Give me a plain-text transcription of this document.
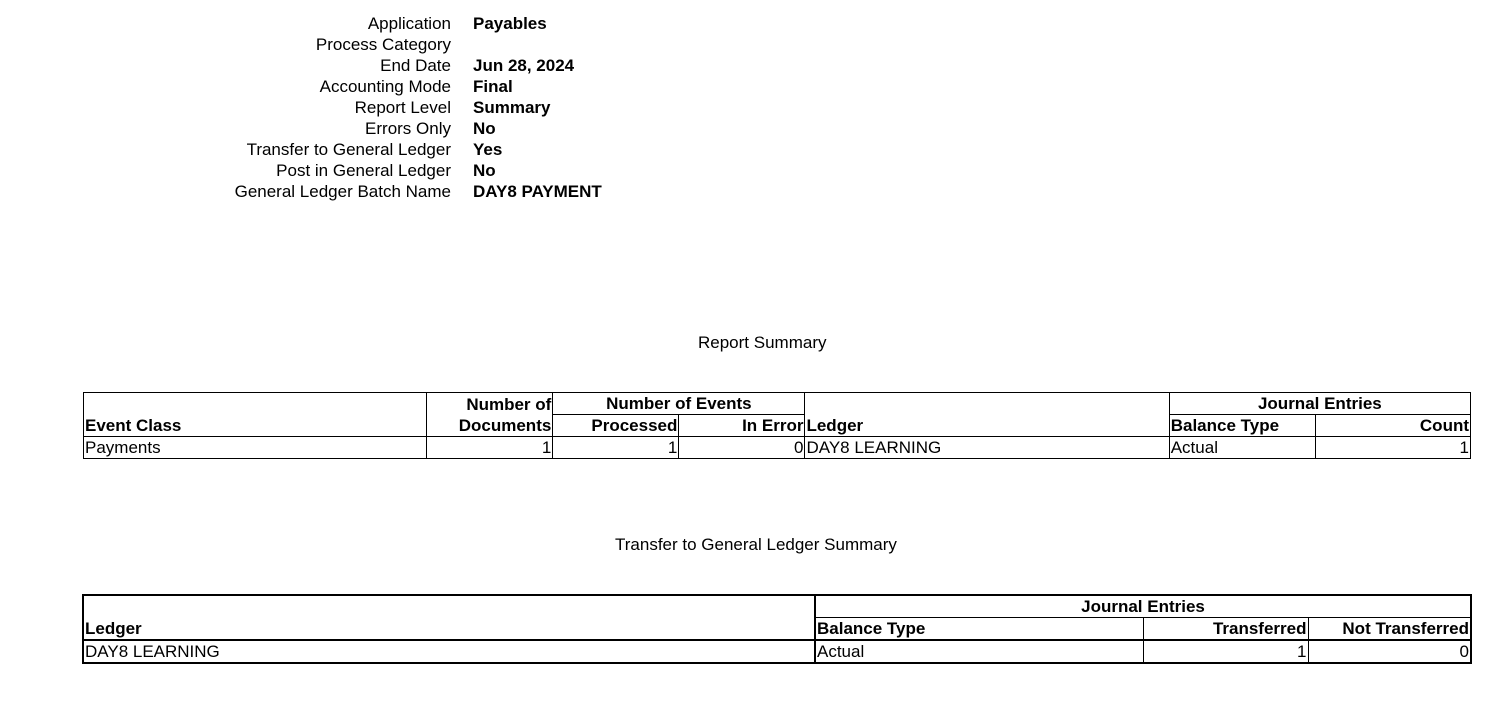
Application Payables
Process Category
End Date Jun 28, 2024
Accounting Mode Final
Report Level Summary
Errors Only No
Transfer to General Ledger Yes
Post in General Ledger No
General Ledger Batch Name DAY8 PAYMENT
Report Summary
	Number of	Number of Events			Journal Entries	
Event Class	Documents	Processed	In Error	Ledger	Balance Type	Count
Payments	1	1	0	DAY8 LEARNING	Actual	1
Transfer to General Ledger Summary
	Journal Entries		
Ledger	Balance Type	Transferred	Not Transferred
DAY8 LEARNING	Actual	1	0
